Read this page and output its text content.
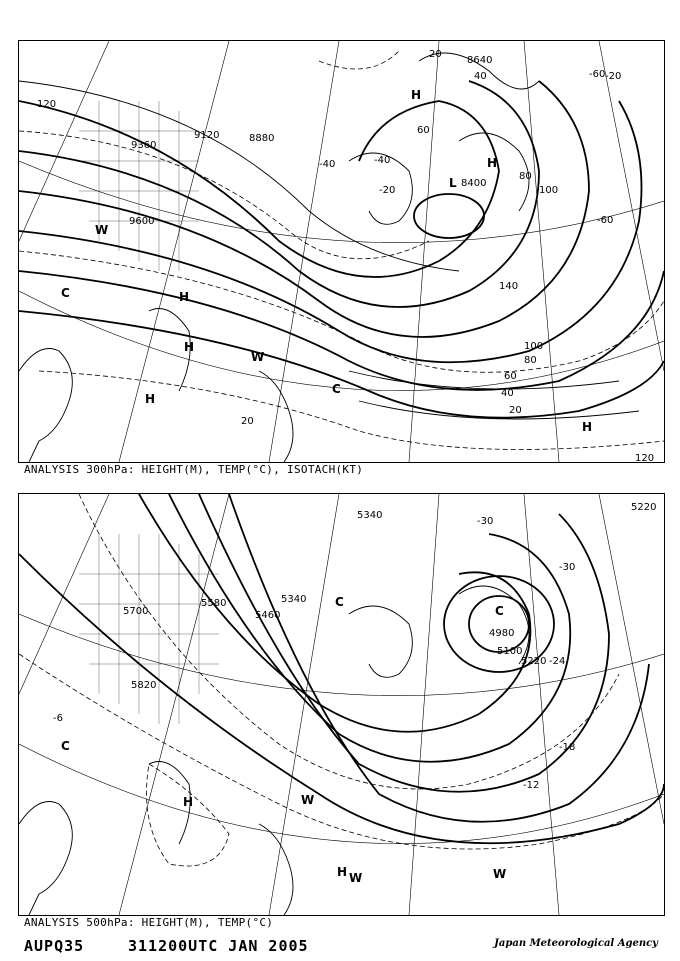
20
40
60
80
100
120
140
100
80
60
40
20
120
20
8640
8400
9120	8880
9360
9600
-60
-40
-20
-60
-40
-20
L
H
H
H
H
C
C
H
W
W
H
ANALYSIS 300hPa: HEIGHT(M), TEMP(°C), ISOTACH(KT)
5340
5220
5100
4980
5220
5460
5580
5700
5820
5340
-30
-24
-18
-12
-6
-30
C
C
H	W
W
H
C
W
ANALYSIS 500hPa: HEIGHT(M), TEMP(°C)
AUPQ35	311200UTC JAN 2005	Japan Meteorological Agency
